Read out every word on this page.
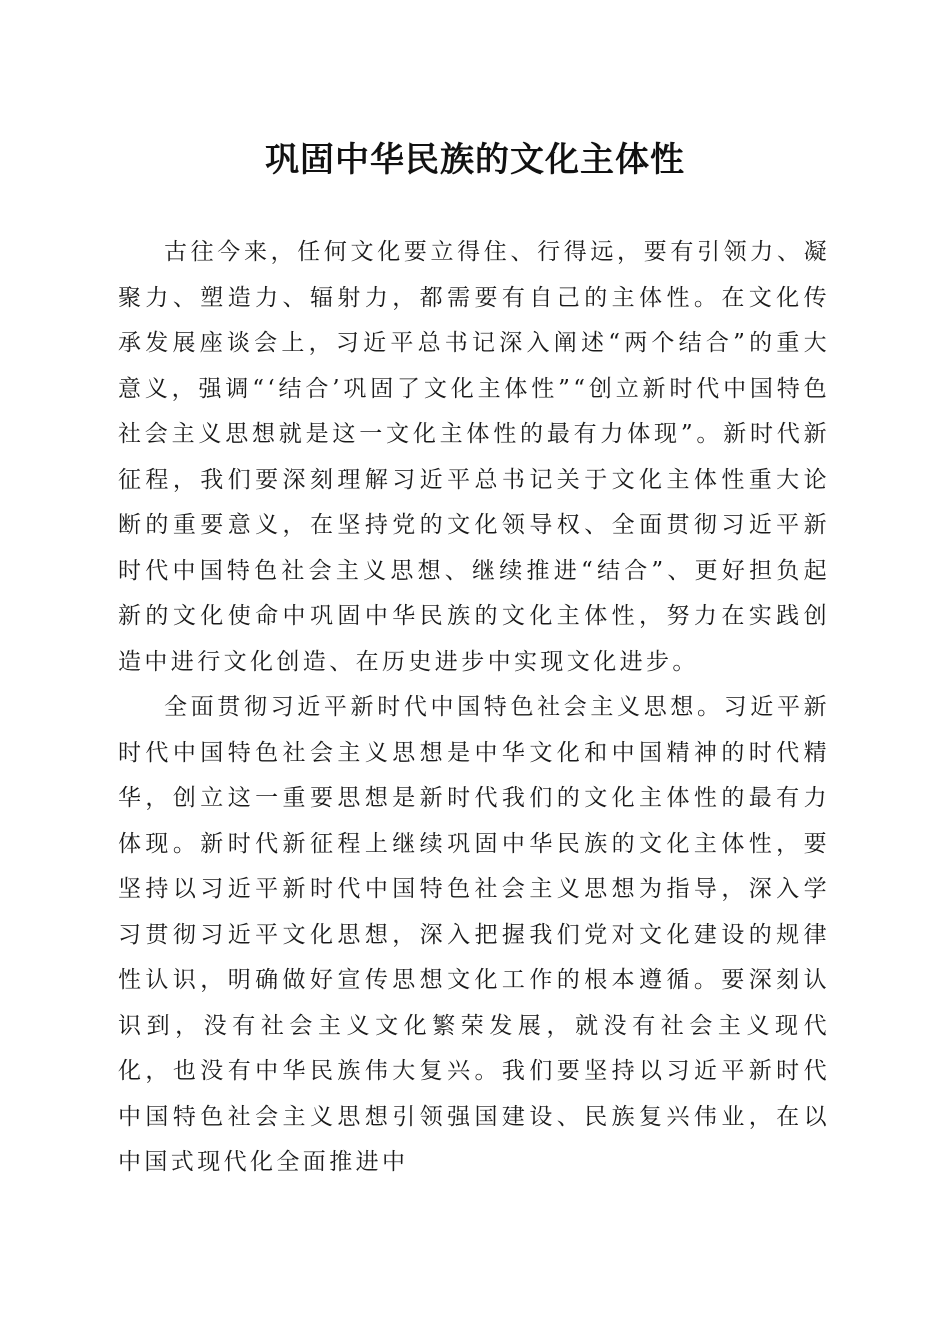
巩固中华民族的文化主体性

古往今来，任何文化要立得住、行得远，要有引领力、凝聚力、塑造力、辐射力，都需要有自己的主体性。在文化传承发展座谈会上，习近平总书记深入阐述“两个结合”的重大意义，强调“‘结合’巩固了文化主体性”“创立新时代中国特色社会主义思想就是这一文化主体性的最有力体现”。新时代新征程，我们要深刻理解习近平总书记关于文化主体性重大论断的重要意义，在坚持党的文化领导权、全面贯彻习近平新时代中国特色社会主义思想、继续推进“结合”、更好担负起新的文化使命中巩固中华民族的文化主体性，努力在实践创造中进行文化创造、在历史进步中实现文化进步。

全面贯彻习近平新时代中国特色社会主义思想。习近平新时代中国特色社会主义思想是中华文化和中国精神的时代精华，创立这一重要思想是新时代我们的文化主体性的最有力体现。新时代新征程上继续巩固中华民族的文化主体性，要坚持以习近平新时代中国特色社会主义思想为指导，深入学习贯彻习近平文化思想，深入把握我们党对文化建设的规律性认识，明确做好宣传思想文化工作的根本遵循。要深刻认识到，没有社会主义文化繁荣发展，就没有社会主义现代化，也没有中华民族伟大复兴。我们要坚持以习近平新时代中国特色社会主义思想引领强国建设、民族复兴伟业，在以中国式现代化全面推进中
